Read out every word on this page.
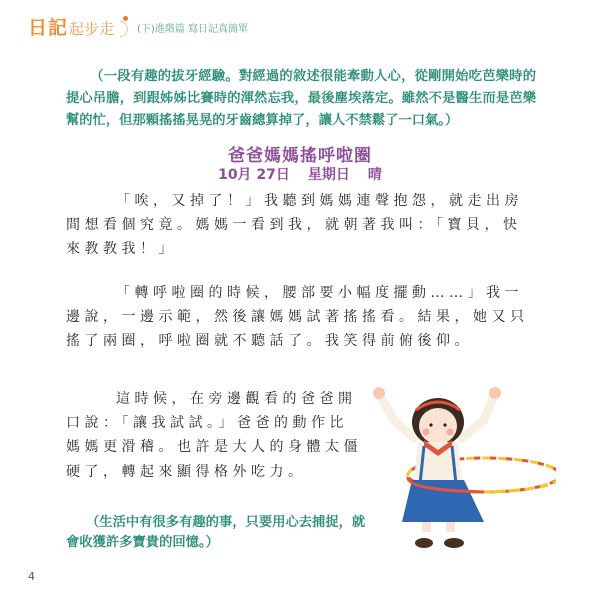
日記 起步走 (下)進階篇 寫日記真簡單
（一段有趣的拔牙經驗。對經過的敘述很能牽動人心，從剛開始吃芭樂時的提心吊膽，到跟姊姊比賽時的渾然忘我，最後塵埃落定。雖然不是醫生而是芭樂幫的忙，但那顆搖搖晃晃的牙齒總算掉了，讓人不禁鬆了一口氣。）
爸爸媽媽搖呼啦圈
10月 27日 星期日 晴
「唉，又掉了！」我聽到媽媽連聲抱怨，就走出房間想看個究竟。媽媽一看到我，就朝著我叫：「寶貝，快來教教我！」
「轉呼啦圈的時候，腰部要小幅度擺動……」我一邊說，一邊示範，然後讓媽媽試著搖搖看。結果，她又只搖了兩圈，呼啦圈就不聽話了。我笑得前俯後仰。
這時候，在旁邊觀看的爸爸開口說：「讓我試試。」爸爸的動作比媽媽更滑稽。也許是大人的身體太僵硬了，轉起來顯得格外吃力。
（生活中有很多有趣的事，只要用心去捕捉，就會收獲許多寶貴的回憶。）
4
